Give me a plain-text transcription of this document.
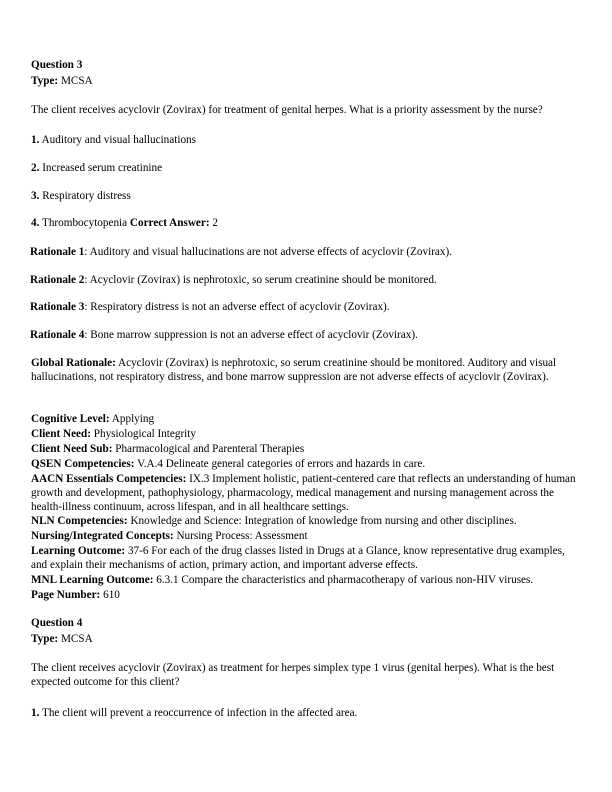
Question 3
Type: MCSA
The client receives acyclovir (Zovirax) for treatment of genital herpes. What is a priority assessment by the nurse?
1. Auditory and visual hallucinations
2. Increased serum creatinine
3. Respiratory distress
4. Thrombocytopenia Correct Answer: 2
Rationale 1: Auditory and visual hallucinations are not adverse effects of acyclovir (Zovirax).
Rationale 2: Acyclovir (Zovirax) is nephrotoxic, so serum creatinine should be monitored.
Rationale 3: Respiratory distress is not an adverse effect of acyclovir (Zovirax).
Rationale 4: Bone marrow suppression is not an adverse effect of acyclovir (Zovirax).
Global Rationale: Acyclovir (Zovirax) is nephrotoxic, so serum creatinine should be monitored. Auditory and visual hallucinations, not respiratory distress, and bone marrow suppression are not adverse effects of acyclovir (Zovirax).
Cognitive Level: Applying
Client Need: Physiological Integrity
Client Need Sub: Pharmacological and Parenteral Therapies
QSEN Competencies: V.A.4 Delineate general categories of errors and hazards in care.
AACN Essentials Competencies: IX.3 Implement holistic, patient-centered care that reflects an understanding of human growth and development, pathophysiology, pharmacology, medical management and nursing management across the health-illness continuum, across lifespan, and in all healthcare settings.
NLN Competencies: Knowledge and Science: Integration of knowledge from nursing and other disciplines.
Nursing/Integrated Concepts: Nursing Process: Assessment
Learning Outcome: 37-6 For each of the drug classes listed in Drugs at a Glance, know representative drug examples, and explain their mechanisms of action, primary action, and important adverse effects.
MNL Learning Outcome: 6.3.1 Compare the characteristics and pharmacotherapy of various non-HIV viruses.
Page Number: 610
Question 4
Type: MCSA
The client receives acyclovir (Zovirax) as treatment for herpes simplex type 1 virus (genital herpes). What is the best expected outcome for this client?
1. The client will prevent a reoccurrence of infection in the affected area.
